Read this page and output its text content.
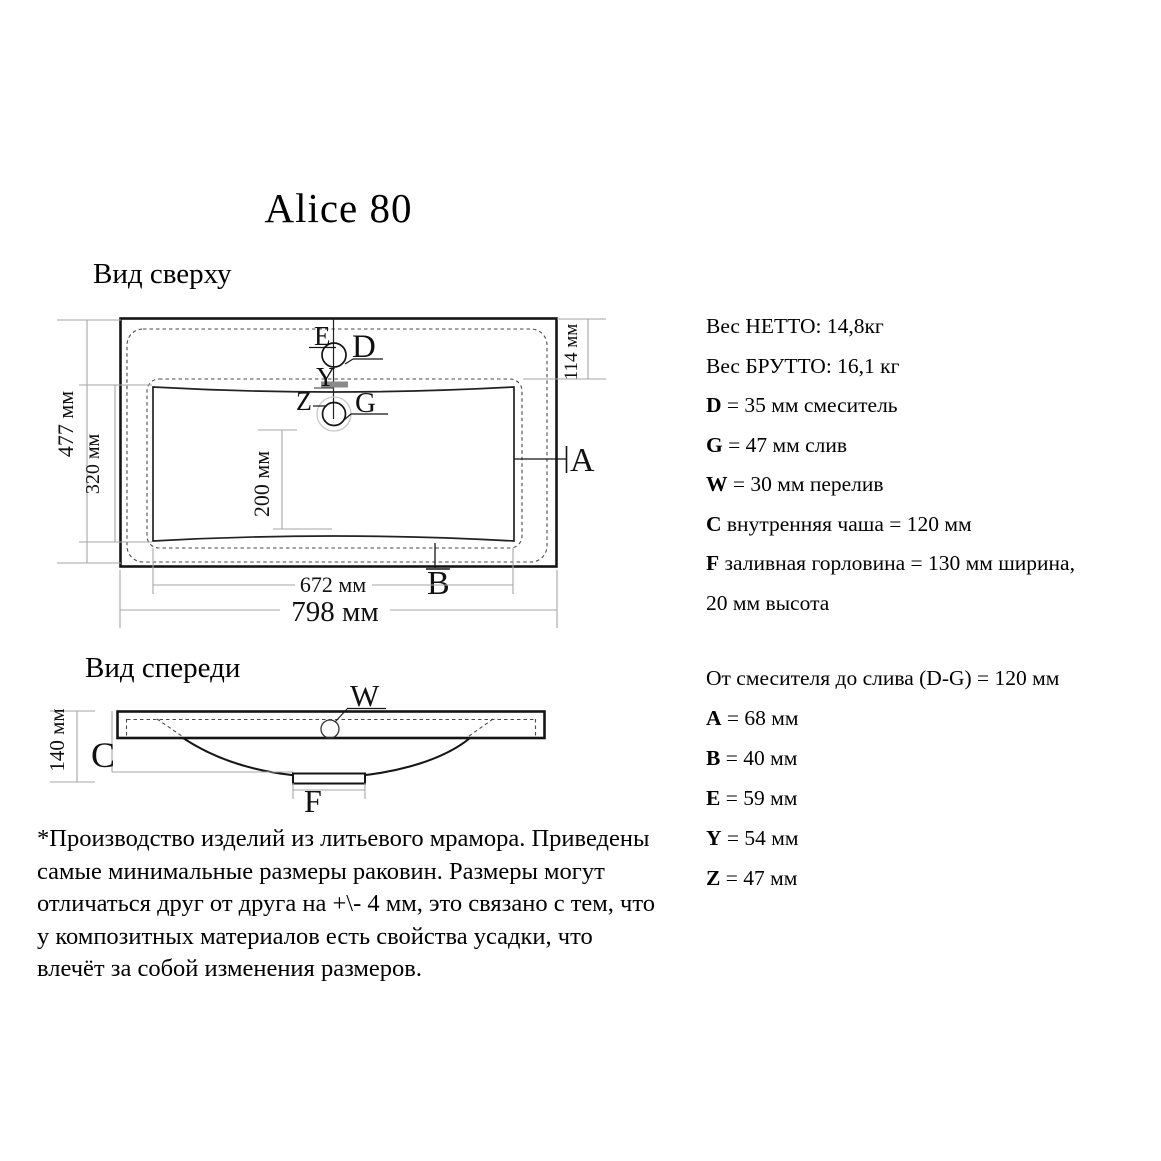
Alice 80
Вид сверху
Вид спереди
E D
Y
Z G
A
B
477 мм
320 мм	200 мм
114 мм
672 мм
798 мм
W
C
140 мм
F
Вес НЕТТО: 14,8кг
Вес БРУТТО: 16,1 кг
D = 35 мм смеситель
G = 47 мм слив
W = 30 мм перелив
C внутренняя чаша = 120 мм
F заливная горловина = 130 мм ширина,
20 мм высота
От смесителя до слива (D-G) = 120 мм
A = 68 мм
B = 40 мм
E = 59 мм
Y = 54 мм
Z = 47 мм
*Производство изделий из литьевого мрамора. Приведены
самые минимальные размеры раковин. Размеры могут
отличаться друг от друга на +\- 4 мм, это связано с тем, что
у композитных материалов есть свойства усадки, что
влечёт за собой изменения размеров.
